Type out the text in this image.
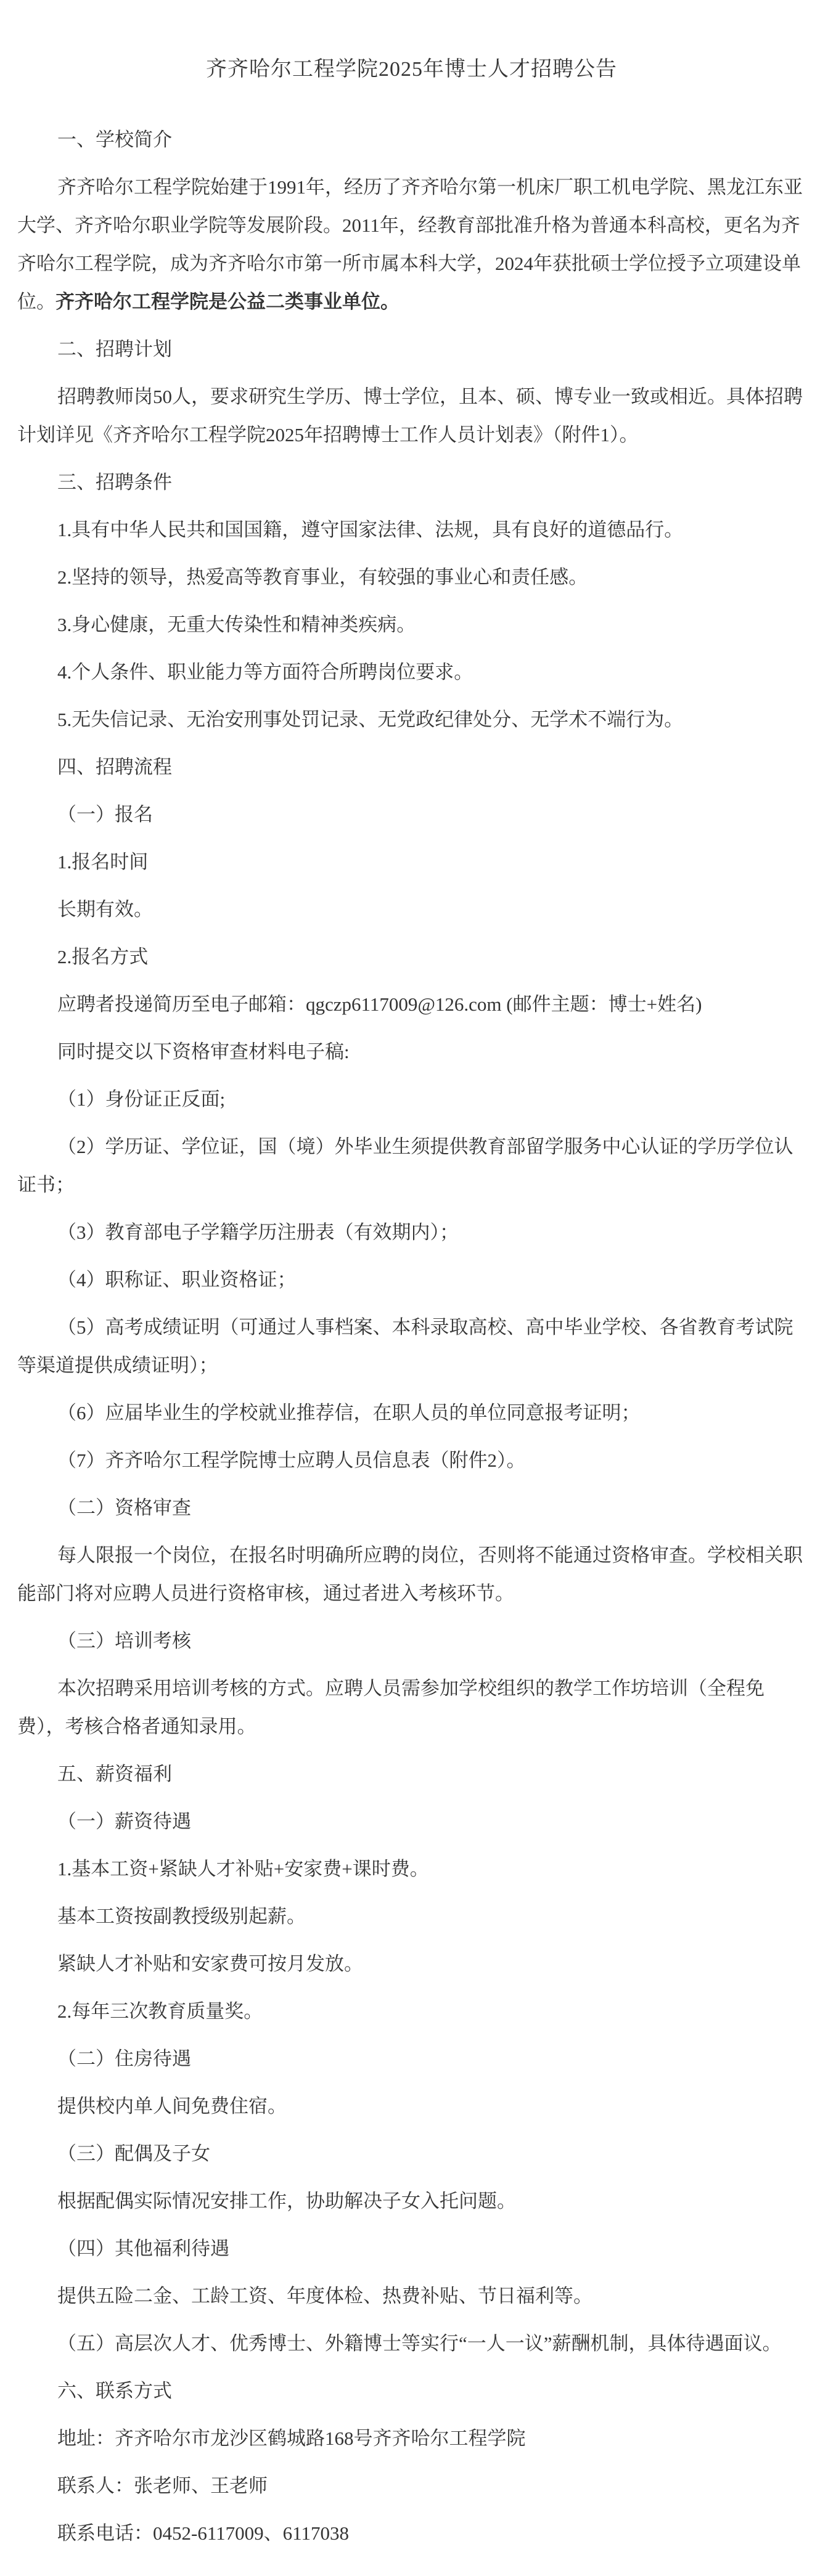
齐齐哈尔工程学院2025年博士人才招聘公告

一、学校简介

齐齐哈尔工程学院始建于1991年，经历了齐齐哈尔第一机床厂职工机电学院、黑龙江东亚大学、齐齐哈尔职业学院等发展阶段。2011年，经教育部批准升格为普通本科高校，更名为齐齐哈尔工程学院，成为齐齐哈尔市第一所市属本科大学，2024年获批硕士学位授予立项建设单位。齐齐哈尔工程学院是公益二类事业单位。

二、招聘计划

招聘教师岗50人，要求研究生学历、博士学位，且本、硕、博专业一致或相近。具体招聘计划详见《齐齐哈尔工程学院2025年招聘博士工作人员计划表》（附件1）。

三、招聘条件

1.具有中华人民共和国国籍，遵守国家法律、法规，具有良好的道德品行。

2.坚持的领导，热爱高等教育事业，有较强的事业心和责任感。

3.身心健康，无重大传染性和精神类疾病。

4.个人条件、职业能力等方面符合所聘岗位要求。

5.无失信记录、无治安刑事处罚记录、无党政纪律处分、无学术不端行为。

四、招聘流程

（一）报名

1.报名时间

长期有效。

2.报名方式

应聘者投递简历至电子邮箱：qgczp6117009@126.com (邮件主题：博士+姓名)

同时提交以下资格审查材料电子稿:

（1）身份证正反面;

（2）学历证、学位证，国（境）外毕业生须提供教育部留学服务中心认证的学历学位认证书；

（3）教育部电子学籍学历注册表（有效期内）；

（4）职称证、职业资格证；

（5）高考成绩证明（可通过人事档案、本科录取高校、高中毕业学校、各省教育考试院等渠道提供成绩证明）；

（6）应届毕业生的学校就业推荐信，在职人员的单位同意报考证明；

（7）齐齐哈尔工程学院博士应聘人员信息表（附件2）。

（二）资格审查

每人限报一个岗位，在报名时明确所应聘的岗位，否则将不能通过资格审查。学校相关职能部门将对应聘人员进行资格审核，通过者进入考核环节。

（三）培训考核

本次招聘采用培训考核的方式。应聘人员需参加学校组织的教学工作坊培训（全程免费），考核合格者通知录用。

五、薪资福利

（一）薪资待遇

1.基本工资+紧缺人才补贴+安家费+课时费。

基本工资按副教授级别起薪。

紧缺人才补贴和安家费可按月发放。

2.每年三次教育质量奖。

（二）住房待遇

提供校内单人间免费住宿。

（三）配偶及子女

根据配偶实际情况安排工作，协助解决子女入托问题。

（四）其他福利待遇

提供五险二金、工龄工资、年度体检、热费补贴、节日福利等。

（五）高层次人才、优秀博士、外籍博士等实行“一人一议”薪酬机制，具体待遇面议。

六、联系方式

地址：齐齐哈尔市龙沙区鹤城路168号齐齐哈尔工程学院

联系人：张老师、王老师

联系电话：0452-6117009、6117038
